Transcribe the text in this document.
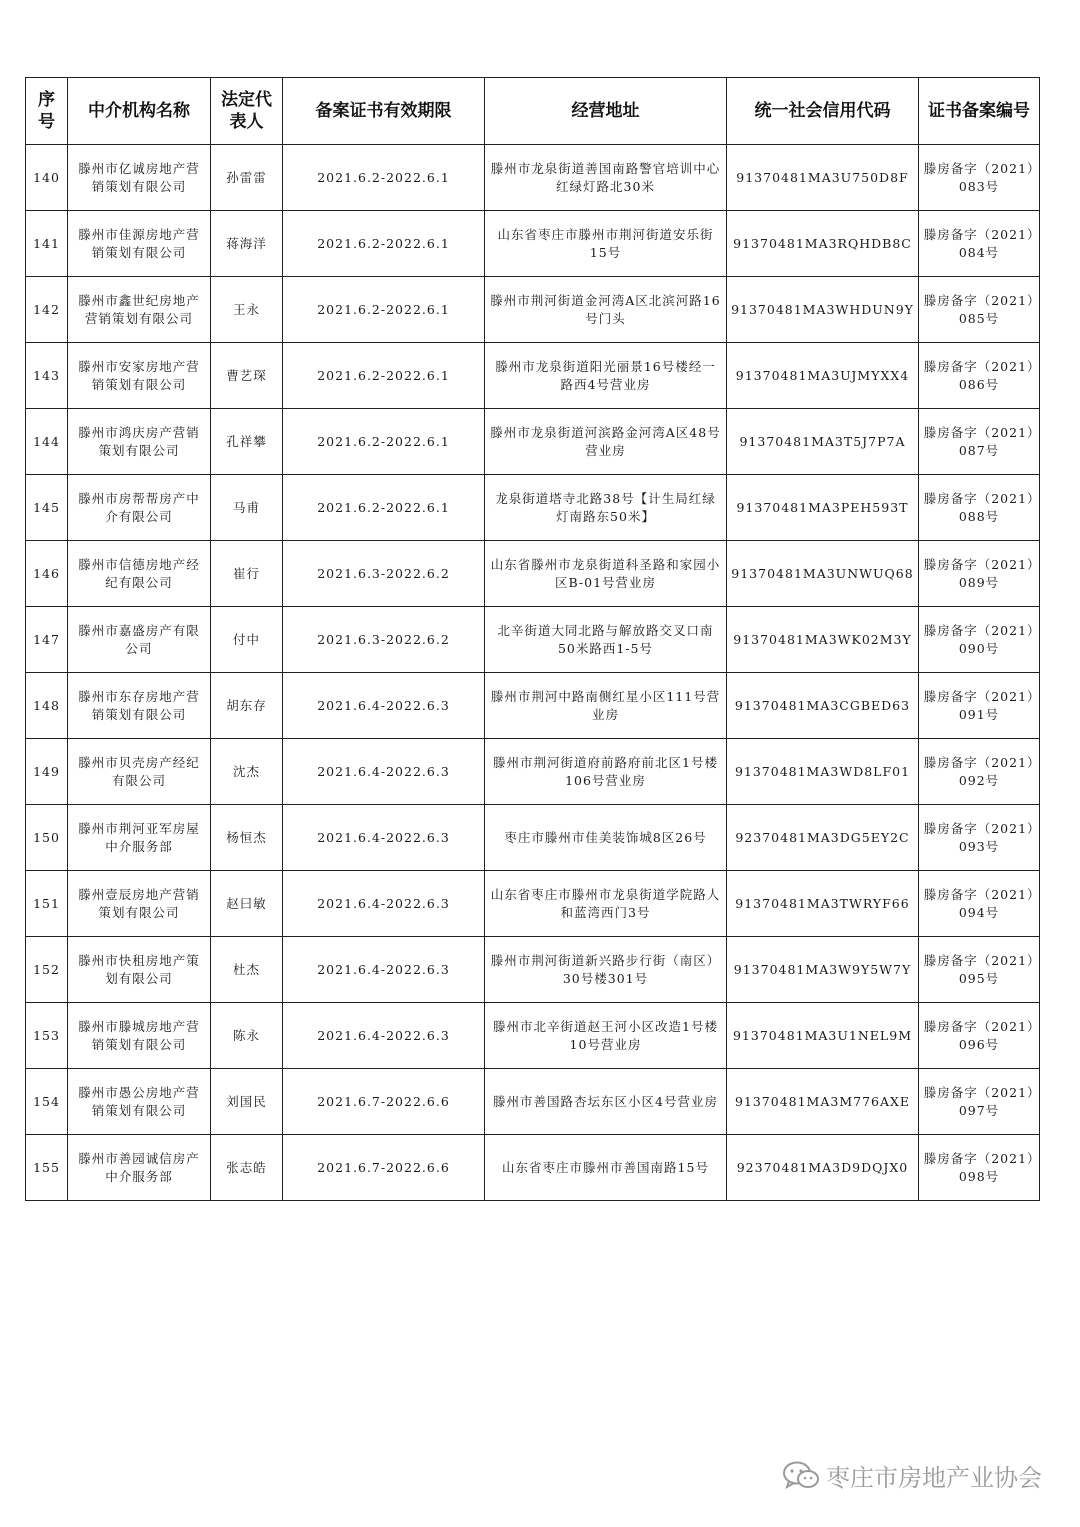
序号	中介机构名称	法定代表人	备案证书有效期限	经营地址	统一社会信用代码	证书备案编号
140	滕州市亿诚房地产营销策划有限公司	孙雷雷	2021.6.2-2022.6.1	滕州市龙泉街道善国南路警官培训中心红绿灯路北30米	91370481MA3U750D8F	滕房备字（2021）083号
141	滕州市佳源房地产营销策划有限公司	蒋海洋	2021.6.2-2022.6.1	山东省枣庄市滕州市荆河街道安乐街15号	91370481MA3RQHDB8C	滕房备字（2021）084号
142	滕州市鑫世纪房地产营销策划有限公司	王永	2021.6.2-2022.6.1	滕州市荆河街道金河湾A区北滨河路16号门头	91370481MA3WHDUN9Y	滕房备字（2021）085号
143	滕州市安家房地产营销策划有限公司	曹艺琛	2021.6.2-2022.6.1	滕州市龙泉街道阳光丽景16号楼经一路西4号营业房	91370481MA3UJMYXX4	滕房备字（2021）086号
144	滕州市鸿庆房产营销策划有限公司	孔祥攀	2021.6.2-2022.6.1	滕州市龙泉街道河滨路金河湾A区48号营业房	91370481MA3T5J7P7A	滕房备字（2021）087号
145	滕州市房帮帮房产中介有限公司	马甫	2021.6.2-2022.6.1	龙泉街道塔寺北路38号【计生局红绿灯南路东50米】	91370481MA3PEH593T	滕房备字（2021）088号
146	滕州市信德房地产经纪有限公司	崔行	2021.6.3-2022.6.2	山东省滕州市龙泉街道科圣路和家园小区B-01号营业房	91370481MA3UNWUQ68	滕房备字（2021）089号
147	滕州市嘉盛房产有限公司	付中	2021.6.3-2022.6.2	北辛街道大同北路与解放路交叉口南50米路西1-5号	91370481MA3WK02M3Y	滕房备字（2021）090号
148	滕州市东存房地产营销策划有限公司	胡东存	2021.6.4-2022.6.3	滕州市荆河中路南侧红星小区111号营业房	91370481MA3CGBED63	滕房备字（2021）091号
149	滕州市贝壳房产经纪有限公司	沈杰	2021.6.4-2022.6.3	滕州市荆河街道府前路府前北区1号楼106号营业房	91370481MA3WD8LF01	滕房备字（2021）092号
150	滕州市荆河亚军房屋中介服务部	杨恒杰	2021.6.4-2022.6.3	枣庄市滕州市佳美装饰城8区26号	92370481MA3DG5EY2C	滕房备字（2021）093号
151	滕州壹辰房地产营销策划有限公司	赵曰敏	2021.6.4-2022.6.3	山东省枣庄市滕州市龙泉街道学院路人和蓝湾西门3号	91370481MA3TWRYF66	滕房备字（2021）094号
152	滕州市快租房地产策划有限公司	杜杰	2021.6.4-2022.6.3	滕州市荆河街道新兴路步行街（南区）30号楼301号	91370481MA3W9Y5W7Y	滕房备字（2021）095号
153	滕州市滕城房地产营销策划有限公司	陈永	2021.6.4-2022.6.3	滕州市北辛街道赵王河小区改造1号楼10号营业房	91370481MA3U1NEL9M	滕房备字（2021）096号
154	滕州市愚公房地产营销策划有限公司	刘国民	2021.6.7-2022.6.6	滕州市善国路杏坛东区小区4号营业房	91370481MA3M776AXE	滕房备字（2021）097号
155	滕州市善园诚信房产中介服务部	张志皓	2021.6.7-2022.6.6	山东省枣庄市滕州市善国南路15号	92370481MA3D9DQJX0	滕房备字（2021）098号
枣庄市房地产业协会
